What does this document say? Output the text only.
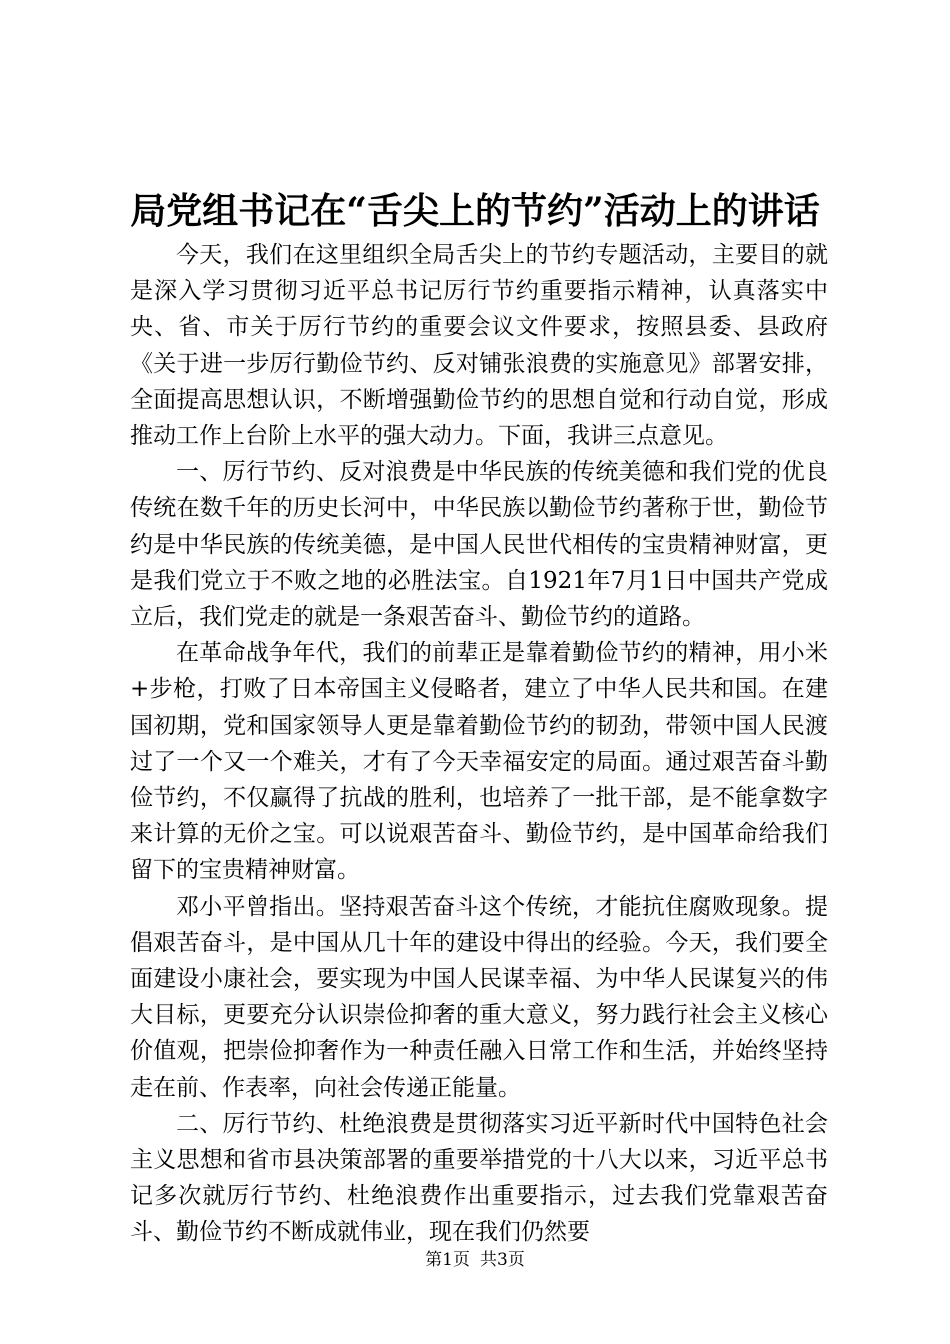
局党组书记在“舌尖上的节约”活动上的讲话

今天，我们在这里组织全局舌尖上的节约专题活动，主要目的就是深入学习贯彻习近平总书记厉行节约重要指示精神，认真落实中央、省、市关于厉行节约的重要会议文件要求，按照县委、县政府《关于进一步厉行勤俭节约、反对铺张浪费的实施意见》部署安排，全面提高思想认识，不断增强勤俭节约的思想自觉和行动自觉，形成推动工作上台阶上水平的强大动力。下面，我讲三点意见。

一、厉行节约、反对浪费是中华民族的传统美德和我们党的优良传统在数千年的历史长河中，中华民族以勤俭节约著称于世，勤俭节约是中华民族的传统美德，是中国人民世代相传的宝贵精神财富，更是我们党立于不败之地的必胜法宝。自1921年7月1日中国共产党成立后，我们党走的就是一条艰苦奋斗、勤俭节约的道路。

在革命战争年代，我们的前辈正是靠着勤俭节约的精神，用小米+步枪，打败了日本帝国主义侵略者，建立了中华人民共和国。在建国初期，党和国家领导人更是靠着勤俭节约的韧劲，带领中国人民渡过了一个又一个难关，才有了今天幸福安定的局面。通过艰苦奋斗勤俭节约，不仅赢得了抗战的胜利，也培养了一批干部，是不能拿数字来计算的无价之宝。可以说艰苦奋斗、勤俭节约，是中国革命给我们留下的宝贵精神财富。

邓小平曾指出。坚持艰苦奋斗这个传统，才能抗住腐败现象。提倡艰苦奋斗，是中国从几十年的建设中得出的经验。今天，我们要全面建设小康社会，要实现为中国人民谋幸福、为中华人民谋复兴的伟大目标，更要充分认识崇俭抑奢的重大意义，努力践行社会主义核心价值观，把崇俭抑奢作为一种责任融入日常工作和生活，并始终坚持走在前、作表率，向社会传递正能量。

二、厉行节约、杜绝浪费是贯彻落实习近平新时代中国特色社会主义思想和省市县决策部署的重要举措党的十八大以来，习近平总书记多次就厉行节约、杜绝浪费作出重要指示，过去我们党靠艰苦奋斗、勤俭节约不断成就伟业，现在我们仍然要

第1页 共3页
